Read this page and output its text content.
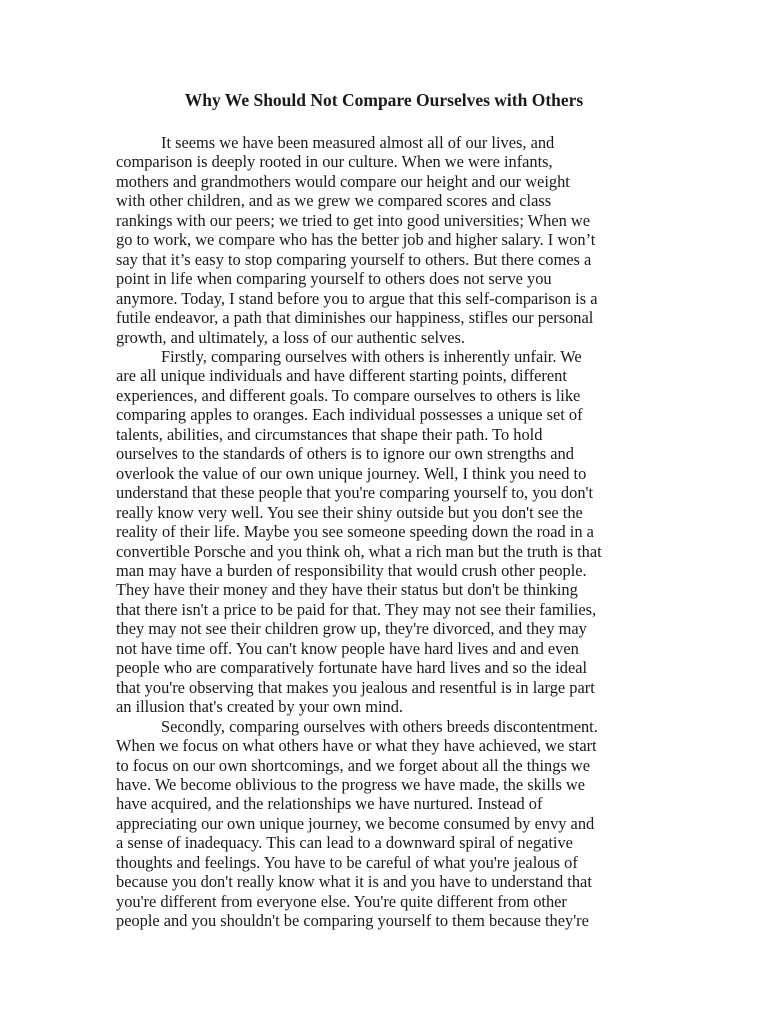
Why We Should Not Compare Ourselves with Others
It seems we have been measured almost all of our lives, and
comparison is deeply rooted in our culture. When we were infants,
mothers and grandmothers would compare our height and our weight
with other children, and as we grew we compared scores and class
rankings with our peers; we tried to get into good universities; When we
go to work, we compare who has the better job and higher salary. I won’t
say that it’s easy to stop comparing yourself to others. But there comes a
point in life when comparing yourself to others does not serve you
anymore. Today, I stand before you to argue that this self-comparison is a
futile endeavor, a path that diminishes our happiness, stifles our personal
growth, and ultimately, a loss of our authentic selves.
Firstly, comparing ourselves with others is inherently unfair. We
are all unique individuals and have different starting points, different
experiences, and different goals. To compare ourselves to others is like
comparing apples to oranges. Each individual possesses a unique set of
talents, abilities, and circumstances that shape their path. To hold
ourselves to the standards of others is to ignore our own strengths and
overlook the value of our own unique journey. Well, I think you need to
understand that these people that you're comparing yourself to, you don't
really know very well. You see their shiny outside but you don't see the
reality of their life. Maybe you see someone speeding down the road in a
convertible Porsche and you think oh, what a rich man but the truth is that
man may have a burden of responsibility that would crush other people.
They have their money and they have their status but don't be thinking
that there isn't a price to be paid for that. They may not see their families,
they may not see their children grow up, they're divorced, and they may
not have time off. You can't know people have hard lives and and even
people who are comparatively fortunate have hard lives and so the ideal
that you're observing that makes you jealous and resentful is in large part
an illusion that's created by your own mind.
Secondly, comparing ourselves with others breeds discontentment.
When we focus on what others have or what they have achieved, we start
to focus on our own shortcomings, and we forget about all the things we
have. We become oblivious to the progress we have made, the skills we
have acquired, and the relationships we have nurtured. Instead of
appreciating our own unique journey, we become consumed by envy and
a sense of inadequacy. This can lead to a downward spiral of negative
thoughts and feelings. You have to be careful of what you're jealous of
because you don't really know what it is and you have to understand that
you're different from everyone else. You're quite different from other
people and you shouldn't be comparing yourself to them because they're
